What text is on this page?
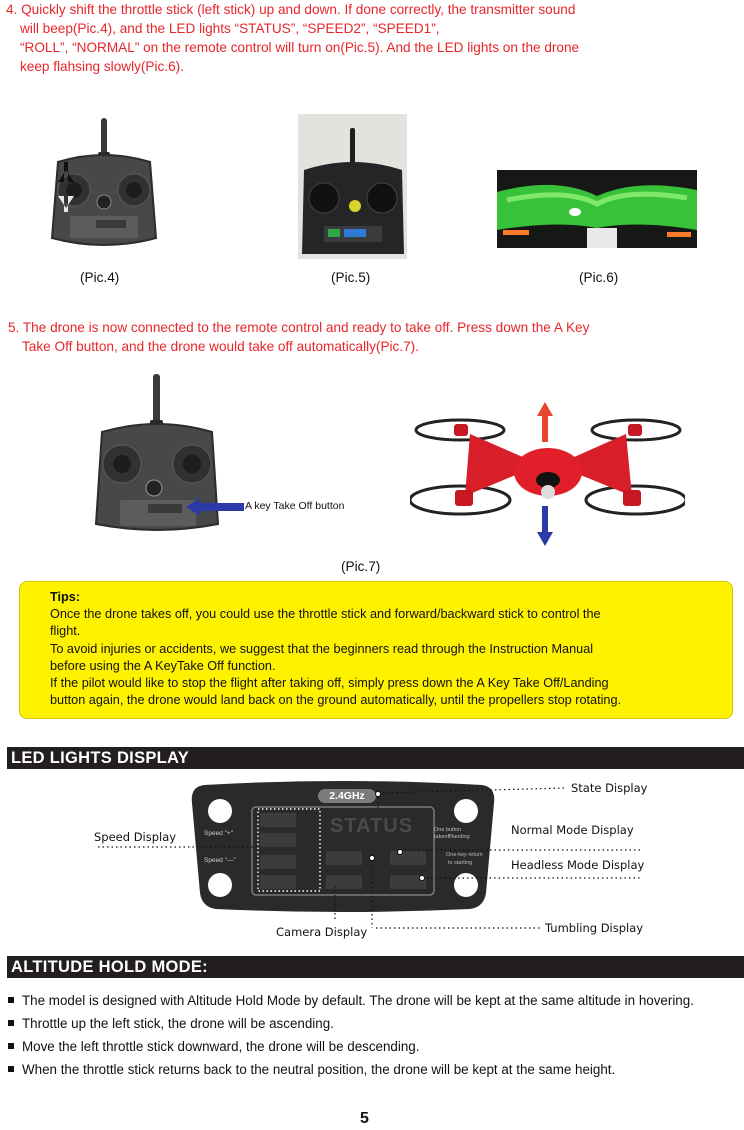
4. Quickly shift the throttle stick (left stick) up and down. If done correctly, the transmitter sound

will beep(Pic.4), and the LED lights “STATUS”, “SPEED2”, “SPEED1”,

“ROLL”, “NORMAL” on the remote control will turn on(Pic.5). And the LED lights on the drone

keep flahsing slowly(Pic.6).

(Pic.4)	(Pic.5)	(Pic.6)

5. The drone is now connected to the remote control and ready to take off. Press down the A Key

Take Off button, and the drone would take off automatically(Pic.7).

A key Take Off button
(Pic.7)

Tips:

Once the drone takes off, you could use the throttle stick and forward/backward stick to control the

flight.

To avoid injuries or accidents, we suggest that the beginners read through the Instruction Manual

before using the A KeyTake Off function.

If the pilot would like to stop the flight after taking off, simply press down the A Key Take Off/Landing

button again, the drone would land back on the ground automatically, until the propellers stop rotating.

LED LIGHTS DISPLAY
2.4GHz
Speed "+"
Speed "—"
STATUS	One button takeoff/landing
One-key return
to starting
State Display
Speed Display	Normal Mode Display
Headless Mode Display
Camera Display	Tumbling Display
ALTITUDE HOLD MODE:
The model is designed with Altitude Hold Mode by default. The drone will be kept at the same altitude in hovering.
Throttle up the left stick, the drone will be ascending.
Move the left throttle stick downward, the drone will be descending.
When the throttle stick returns back to the neutral position, the drone will be kept at the same height.
5
